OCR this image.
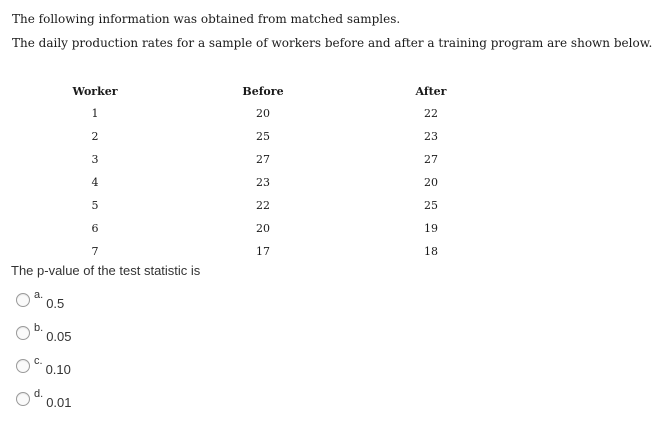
The following information was obtained from matched samples.
The daily production rates for a sample of workers before and after a training program are shown below.
Worker	Before	After
1	20	22
2	25	23
3	27	27
4	23	20
5	22	25
6	20	19
7	17	18
The p-value of the test statistic is
a.
0.5
b.
0.05
c.
0.10
d.
0.01
